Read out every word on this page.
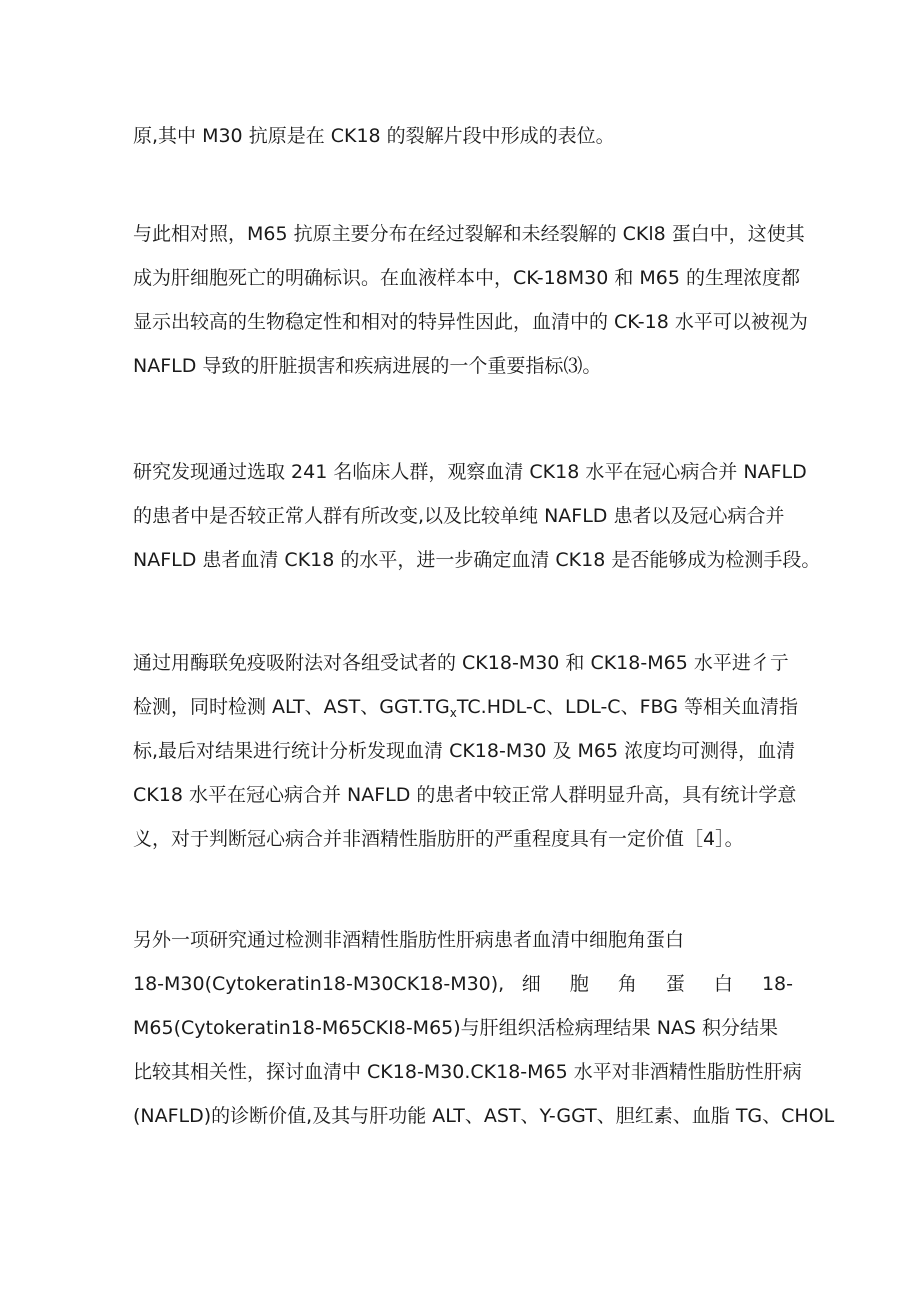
原,其中 M30 抗原是在 CK18 的裂解片段中形成的表位。
与此相对照，M65 抗原主要分布在经过裂解和未经裂解的 CKl8 蛋白中，这使其
成为肝细胞死亡的明确标识。在血液样本中，CK-18M30 和 M65 的生理浓度都
显示出较高的生物稳定性和相对的特异性因此，血清中的 CK-18 水平可以被视为
NAFLD 导致的肝脏损害和疾病进展的一个重要指标⑶。
研究发现通过选取 241 名临床人群，观察血清 CK18 水平在冠心病合并 NAFLD
的患者中是否较正常人群有所改变,以及比较单纯 NAFLD 患者以及冠心病合并
NAFLD 患者血清 CK18 的水平，进一步确定血清 CK18 是否能够成为检测手段。
通过用酶联免疫吸附法对各组受试者的 CK18-M30 和 CK18-M65 水平进彳亍
检测，同时检测 ALT、AST、$GGT.TG_xTC.HDL-C$、LDL-C、FBG 等相关血清指
标,最后对结果进行统计分析发现血清 CK18-M30 及 M65 浓度均可测得，血清
CK18 水平在冠心病合并 NAFLD 的患者中较正常人群明显升高，具有统计学意
义，对于判断冠心病合并非酒精性脂肪肝的严重程度具有一定价值［4］。
另外一项研究通过检测非酒精性脂肪性肝病患者血清中细胞角蛋白
18-M30(Cytokeratin18-M30CK18-M30), 细 胞 角 蛋 白 18-
M65(Cytokeratin18-M65CKI8-M65)与肝组织活检病理结果 NAS 积分结果
比较其相关性，探讨血清中 CK18-M30.CK18-M65 水平对非酒精性脂肪性肝病
(NAFLD)的诊断价值,及其与肝功能 ALT、AST、Y-GGT、胆红素、血脂 TG、CHOL
